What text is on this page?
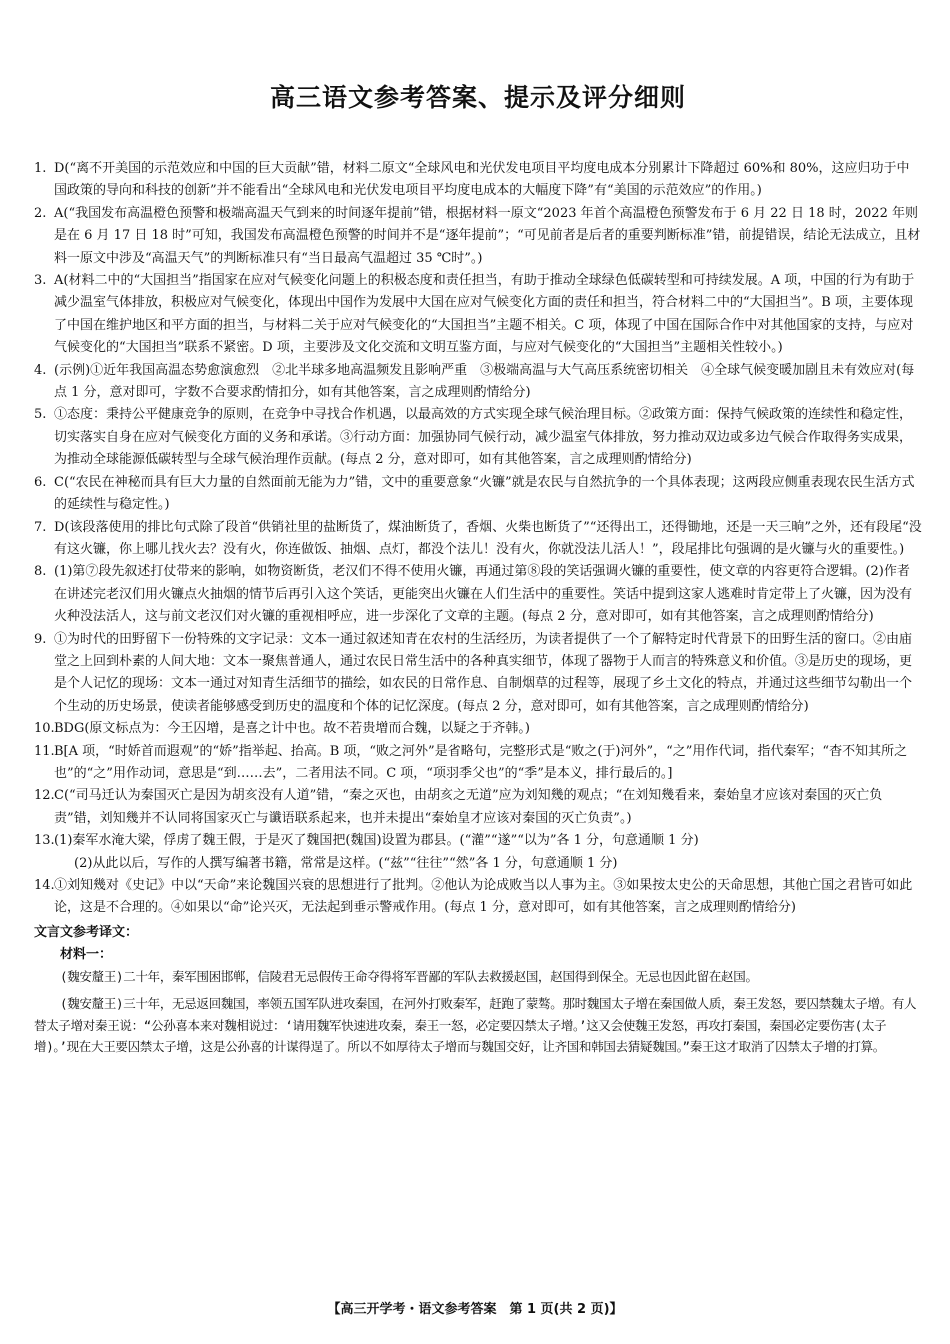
高三语文参考答案、提示及评分细则
1. D(“离不开美国的示范效应和中国的巨大贡献”错，材料二原文“全球风电和光伏发电项目平均度电成本分别累计下降超过 60%和 80%，这应归功于中国政策的导向和科技的创新”并不能看出“全球风电和光伏发电项目平均度电成本的大幅度下降”有“美国的示范效应”的作用。)
2. A(“我国发布高温橙色预警和极端高温天气到来的时间逐年提前”错，根据材料一原文“2023 年首个高温橙色预警发布于 6 月 22 日 18 时，2022 年则是在 6 月 17 日 18 时”可知，我国发布高温橙色预警的时间并不是“逐年提前”；“可见前者是后者的重要判断标准”错，前提错误，结论无法成立，且材料一原文中涉及“高温天气”的判断标准只有“当日最高气温超过 35 ℃时”。)
3. A(材料二中的“大国担当”指国家在应对气候变化问题上的积极态度和责任担当，有助于推动全球绿色低碳转型和可持续发展。A 项，中国的行为有助于减少温室气体排放，积极应对气候变化，体现出中国作为发展中大国在应对气候变化方面的责任和担当，符合材料二中的“大国担当”。B 项，主要体现了中国在维护地区和平方面的担当，与材料二关于应对气候变化的“大国担当”主题不相关。C 项，体现了中国在国际合作中对其他国家的支持，与应对气候变化的“大国担当”联系不紧密。D 项，主要涉及文化交流和文明互鉴方面，与应对气候变化的“大国担当”主题相关性较小。)
4. (示例)①近年我国高温态势愈演愈烈　②北半球多地高温频发且影响严重　③极端高温与大气高压系统密切相关　④全球气候变暖加剧且未有效应对(每点 1 分，意对即可，字数不合要求酌情扣分，如有其他答案，言之成理则酌情给分)
5. ①态度：秉持公平健康竞争的原则，在竞争中寻找合作机遇，以最高效的方式实现全球气候治理目标。②政策方面：保持气候政策的连续性和稳定性，切实落实自身在应对气候变化方面的义务和承诺。③行动方面：加强协同气候行动，减少温室气体排放，努力推动双边或多边气候合作取得务实成果，为推动全球能源低碳转型与全球气候治理作贡献。(每点 2 分，意对即可，如有其他答案，言之成理则酌情给分)
6. C(“农民在神秘而具有巨大力量的自然面前无能为力”错，文中的重要意象“火镰”就是农民与自然抗争的一个具体表现；这两段应侧重表现农民生活方式的延续性与稳定性。)
7. D(该段落使用的排比句式除了段首“供销社里的盐断货了，煤油断货了，香烟、火柴也断货了”“还得出工，还得锄地，还是一天三晌”之外，还有段尾“没有这火镰，你上哪儿找火去？没有火，你连做饭、抽烟、点灯，都没个法儿！没有火，你就没法儿活人！”，段尾排比句强调的是火镰与火的重要性。)
8. (1)第⑦段先叙述打仗带来的影响，如物资断货，老汉们不得不使用火镰，再通过第⑧段的笑话强调火镰的重要性，使文章的内容更符合逻辑。(2)作者在讲述完老汉们用火镰点火抽烟的情节后再引入这个笑话，更能突出火镰在人们生活中的重要性。笑话中提到这家人逃难时肯定带上了火镰，因为没有火种没法活人，这与前文老汉们对火镰的重视相呼应，进一步深化了文章的主题。(每点 2 分，意对即可，如有其他答案，言之成理则酌情给分)
9. ①为时代的田野留下一份特殊的文字记录：文本一通过叙述知青在农村的生活经历，为读者提供了一个了解特定时代背景下的田野生活的窗口。②由庙堂之上回到朴素的人间大地：文本一聚焦普通人，通过农民日常生活中的各种真实细节，体现了器物于人而言的特殊意义和价值。③是历史的现场，更是个人记忆的现场：文本一通过对知青生活细节的描绘，如农民的日常作息、自制烟草的过程等，展现了乡土文化的特点，并通过这些细节勾勒出一个个生动的历史场景，使读者能够感受到历史的温度和个体的记忆深度。(每点 2 分，意对即可，如有其他答案，言之成理则酌情给分)
10. BDG(原文标点为：今王囚增，是喜之计中也。故不若贵增而合魏，以疑之于齐韩。)
11. B[A 项，“时娇首而遐观”的“娇”指举起、抬高。B 项，“败之河外”是省略句，完整形式是“败之(于)河外”，“之”用作代词，指代秦军；“杳不知其所之也”的“之”用作动词，意思是“到……去”，二者用法不同。C 项，“项羽季父也”的“季”是本义，排行最后的。]
12. C(“司马迁认为秦国灭亡是因为胡亥没有人道”错，“秦之灭也，由胡亥之无道”应为刘知幾的观点；“在刘知幾看来，秦始皇才应该对秦国的灭亡负责”错，刘知幾并不认同将国家灭亡与谶语联系起来，也并未提出“秦始皇才应该对秦国的灭亡负责”。)
13. (1)秦军水淹大梁，俘虏了魏王假，于是灭了魏国把(魏国)设置为郡县。(“灌”“遂”“以为”各 1 分，句意通顺 1 分)
(2)从此以后，写作的人撰写编著书籍，常常是这样。(“兹”“往往”“然”各 1 分，句意通顺 1 分)
14. ①刘知幾对《史记》中以“天命”来论魏国兴衰的思想进行了批判。②他认为论成败当以人事为主。③如果按太史公的天命思想，其他亡国之君皆可如此论，这是不合理的。④如果以“命”论兴灭，无法起到垂示警戒作用。(每点 1 分，意对即可，如有其他答案，言之成理则酌情给分)
文言文参考译文：
材料一：

(魏安釐王)二十年，秦军围困邯郸，信陵君无忌假传王命夺得将军晋鄙的军队去救援赵国，赵国得到保全。无忌也因此留在赵国。

(魏安釐王)三十年，无忌返回魏国，率领五国军队进攻秦国，在河外打败秦军，赶跑了蒙骜。那时魏国太子增在秦国做人质，秦王发怒，要囚禁魏太子增。有人替太子增对秦王说：“公孙喜本来对魏相说过：‘请用魏军快速进攻秦，秦王一怒，必定要囚禁太子增。’这又会使魏王发怒，再攻打秦国，秦国必定要伤害(太子增)。’现在大王要囚禁太子增，这是公孙喜的计谋得逞了。所以不如厚待太子增而与魏国交好，让齐国和韩国去猜疑魏国。”秦王这才取消了囚禁太子增的打算。

【高三开学考・语文参考答案　第 1 页(共 2 页)】
